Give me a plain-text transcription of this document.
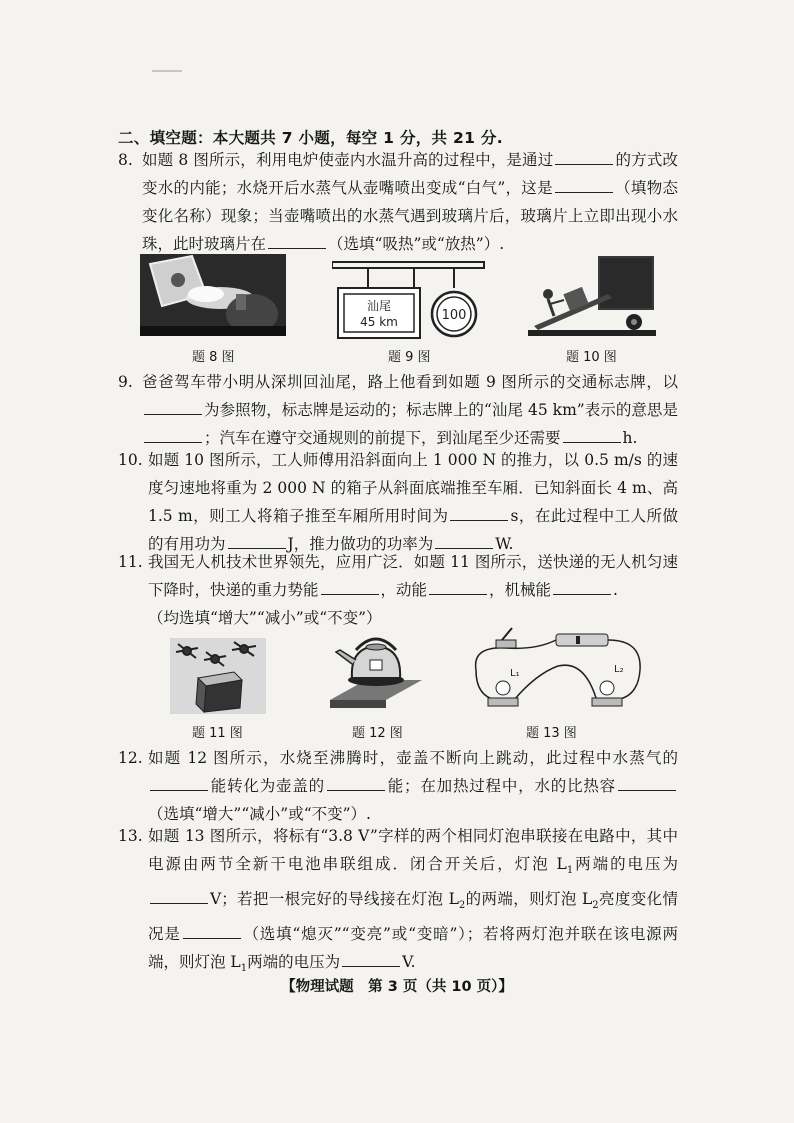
二、填空题：本大题共 7 小题，每空 1 分，共 21 分.
8. 如题 8 图所示，利用电炉使壶内水温升高的过程中，是通过	的方式改变水的内能；水烧开后水蒸气从壶嘴喷出变成“白气”，这是	（填物态变化名称）现象；当壶嘴喷出的水蒸气遇到玻璃片后，玻璃片上立即出现小水珠，此时玻璃片在	（选填“吸热”或“放热”）.
题 8 图
汕尾
45 km	100
题 9 图	题 10 图
9. 爸爸驾车带小明从深圳回汕尾，路上他看到如题 9 图所示的交通标志牌，以为参照物，标志牌是运动的；标志牌上的“汕尾 45 km”表示的意思是；汽车在遵守交通规则的前提下，到汕尾至少还需要	h.
10. 如题 10 图所示，工人师傅用沿斜面向上 1 000 N 的推力，以 0.5 m/s 的速度匀速地将重为 2 000 N 的箱子从斜面底端推至车厢．已知斜面长 4 m、高 1.5 m，则工人将箱子推至车厢所用时间为	s，在此过程中工人所做的有用功为	J，推力做功的功率为	W.
11. 我国无人机技术世界领先，应用广泛．如题 11 图所示，送快递的无人机匀速下降时，快递的重力势能	，动能	，机械能	.
（均选填“增大”“减小”或“不变”）
题 11 图	题 12 图
L₁	L₂
题 13 图
12. 如题 12 图所示，水烧至沸腾时，壶盖不断向上跳动，此过程中水蒸气的能转化为壶盖的	能；在加热过程中，水的比热容（选填“增大”“减小”或“不变”）.
13. 如题 13 图所示，将标有“3.8 V”字样的两个相同灯泡串联接在电路中，其中电源由两节全新干电池串联组成．闭合开关后，灯泡 $L_1$两端的电压为V；若把一根完好的导线接在灯泡 $L_2$的两端，则灯泡 $L_2$亮度变化情况是	（选填“熄灭”“变亮”或“变暗”）；若将两灯泡并联在该电源两端，则灯泡 $L_1$两端的电压为	V.
【物理试题　第 3 页（共 10 页）】
